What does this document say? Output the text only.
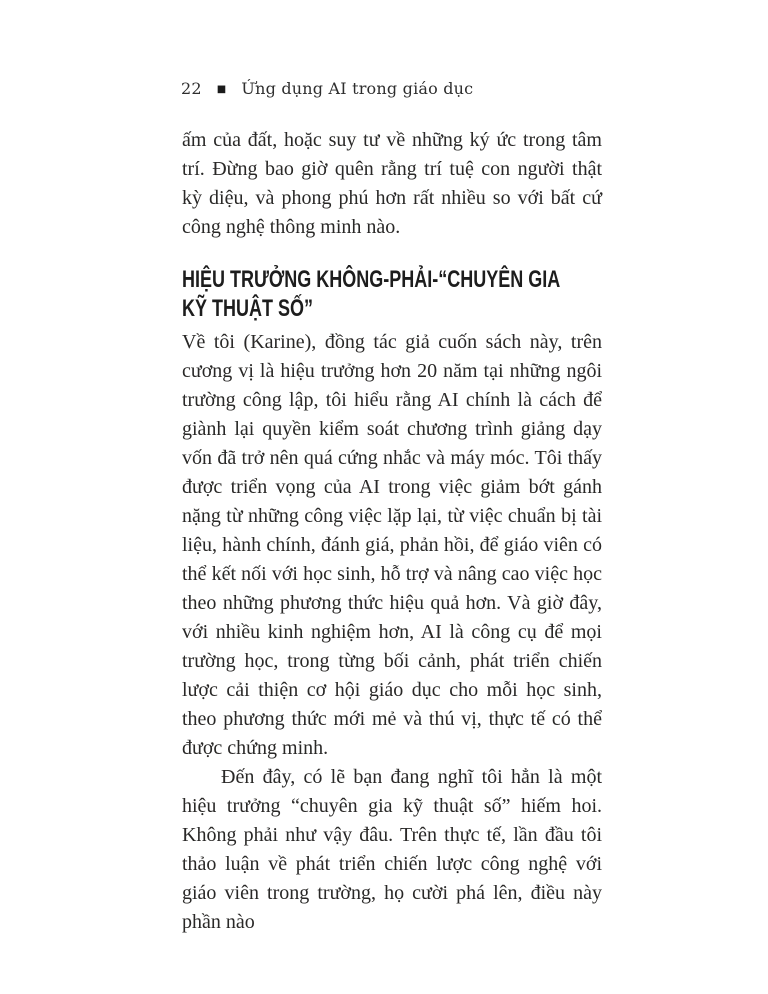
22 ■ Ứng dụng AI trong giáo dục

ấm của đất, hoặc suy tư về những ký ức trong tâm trí. Đừng bao giờ quên rằng trí tuệ con người thật kỳ diệu, và phong phú hơn rất nhiều so với bất cứ công nghệ thông minh nào.

HIỆU TRƯỞNG KHÔNG-PHẢI-“CHUYÊN GIA
KỸ THUẬT SỐ”

Về tôi (Karine), đồng tác giả cuốn sách này, trên cương vị là hiệu trưởng hơn 20 năm tại những ngôi trường công lập, tôi hiểu rằng AI chính là cách để giành lại quyền kiểm soát chương trình giảng dạy vốn đã trở nên quá cứng nhắc và máy móc. Tôi thấy được triển vọng của AI trong việc giảm bớt gánh nặng từ những công việc lặp lại, từ việc chuẩn bị tài liệu, hành chính, đánh giá, phản hồi, để giáo viên có thể kết nối với học sinh, hỗ trợ và nâng cao việc học theo những phương thức hiệu quả hơn. Và giờ đây, với nhiều kinh nghiệm hơn, AI là công cụ để mọi trường học, trong từng bối cảnh, phát triển chiến lược cải thiện cơ hội giáo dục cho mỗi học sinh, theo phương thức mới mẻ và thú vị, thực tế có thể được chứng minh.

Đến đây, có lẽ bạn đang nghĩ tôi hẳn là một hiệu trưởng “chuyên gia kỹ thuật số” hiếm hoi. Không phải như vậy đâu. Trên thực tế, lần đầu tôi thảo luận về phát triển chiến lược công nghệ với giáo viên trong trường, họ cười phá lên, điều này phần nào
